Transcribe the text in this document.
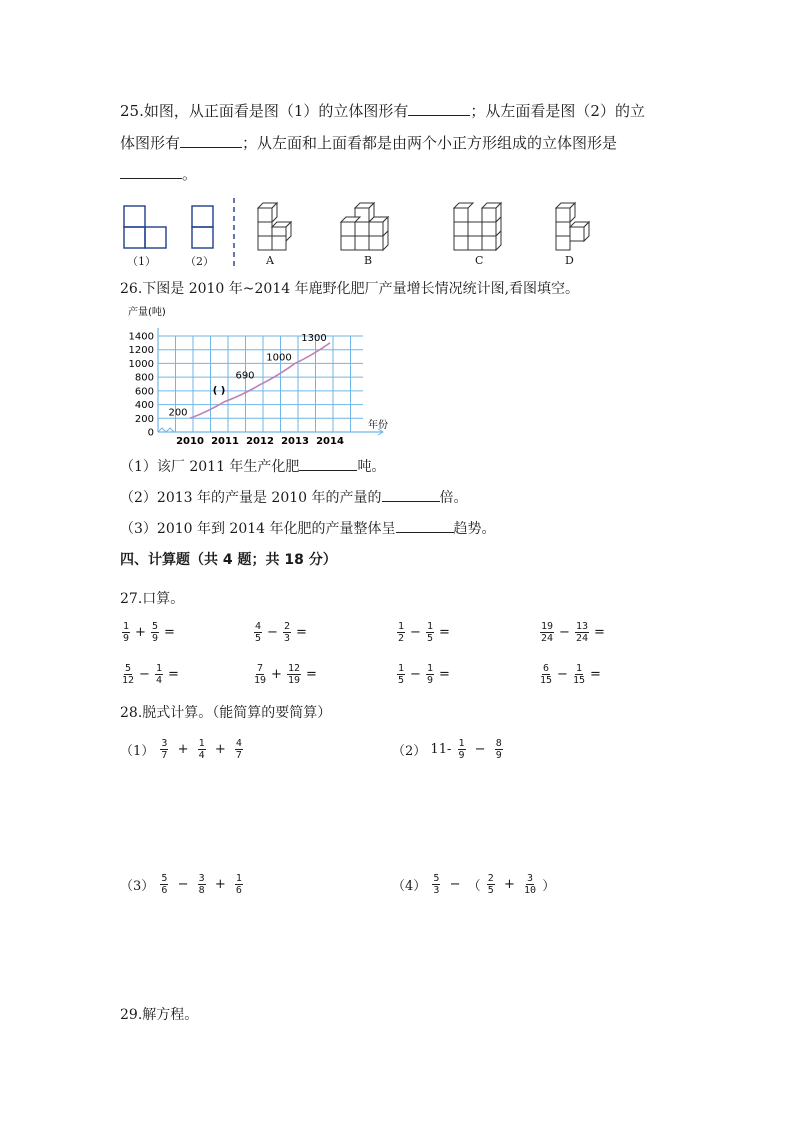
25.如图，从正面看是图（1）的立体图形有	；从左面看是图（2）的立
体图形有	；从左面和上面看都是由两个小正方形组成的立体图形是
。
（1）	（2）	A	B	C	D
26.下图是 2010 年~2014 年鹿野化肥厂产量增长情况统计图,看图填空。
产量(吨)
0
200
400
600
800
1000
1200
1400
2010 2011 2012 2013 2014
200
( )
690
1000
1300
年份
（1）该厂 2011 年生产化肥	吨。
（2）2013 年的产量是 2010 年的产量的	倍。
（3）2010 年到 2014 年化肥的产量整体呈	趋势。
四、计算题（共 4 题；共 18 分）
27.口算。
$\frac{1}{9} + \frac{5}{9}$ =	$\frac{4}{5} - \frac{2}{3}$ =	$\frac{1}{2} - \frac{1}{5}$ =	$\frac{19}{24} - \frac{13}{24}$ =
$\frac{5}{12} - \frac{1}{4}$ =	$\frac{7}{19} + \frac{12}{19}$ =	$\frac{1}{5} - \frac{1}{9}$ =	$\frac{6}{15} - \frac{1}{15}$ =
28.脱式计算。（能简算的要简算）
$(1) \frac{3}{7} + \frac{1}{4} + \frac{4}{7}$	（2） $11- \frac{1}{9} - \frac{8}{9}$
$(3) \frac{5}{6} - \frac{3}{8} + \frac{1}{6}$	$(4) \frac{5}{3}$ − （ $\frac{2}{5} + \frac{3}{10}$ ）
29.解方程。
